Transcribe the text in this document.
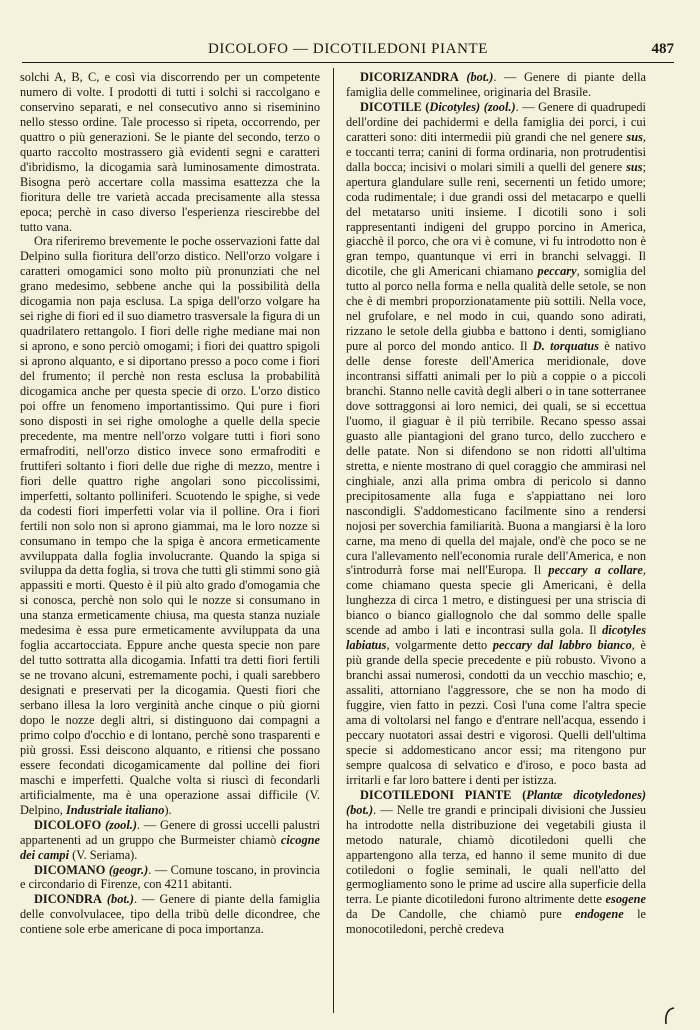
DICOLOFO — DICOTILEDONI PIANTE	487

solchi A, B, C, e così via discorrendo per un competente numero di volte. I prodotti di tutti i solchi si raccolgano e conservino separati, e nel consecutivo anno si riseminino nello stesso ordine. Tale processo si ripeta, occorrendo, per quattro o più generazioni. Se le piante del secondo, terzo o quarto raccolto mostrassero già evidenti segni e caratteri d'ibridismo, la dicogamia sarà luminosamente dimostrata. Bisogna però accertare colla massima esattezza che la fioritura delle tre varietà accada precisamente alla stessa epoca; perchè in caso diverso l'esperienza riescirebbe del tutto vana.

Ora riferiremo brevemente le poche osservazioni fatte dal Delpino sulla fioritura dell'orzo distico. Nell'orzo volgare i caratteri omogamici sono molto più pronunziati che nel grano medesimo, sebbene anche qui la possibilità della dicogamia non paja esclusa. La spiga dell'orzo volgare ha sei righe di fiori ed il suo diametro trasversale la figura di un quadrilatero rettangolo. I fiori delle righe mediane mai non si aprono, e sono perciò omogami; i fiori dei quattro spigoli si aprono alquanto, e si diportano presso a poco come i fiori del frumento; il perchè non resta esclusa la probabilità dicogamica anche per questa specie di orzo. L'orzo distico poi offre un fenomeno importantissimo. Qui pure i fiori sono disposti in sei righe omologhe a quelle della specie precedente, ma mentre nell'orzo volgare tutti i fiori sono ermafroditi, nell'orzo distico invece sono ermafroditi e fruttiferi soltanto i fiori delle due righe di mezzo, mentre i fiori delle quattro righe angolari sono piccolissimi, imperfetti, soltanto polliniferi. Scuotendo le spighe, si vede da codesti fiori imperfetti volar via il polline. Ora i fiori fertili non solo non si aprono giammai, ma le loro nozze si consumano in tempo che la spiga è ancora ermeticamente avviluppata dalla foglia involucrante. Quando la spiga si sviluppa da detta foglia, si trova che tutti gli stimmi sono già appassiti e morti. Questo è il più alto grado d'omogamia che si conosca, perchè non solo qui le nozze si consumano in una stanza ermeticamente chiusa, ma questa stanza nuziale medesima è essa pure ermeticamente avviluppata da una foglia accartocciata. Eppure anche questa specie non pare del tutto sottratta alla dicogamia. Infatti tra detti fiori fertili se ne trovano alcuni, estremamente pochi, i quali sarebbero designati e preservati per la dicogamia. Questi fiori che serbano illesa la loro verginità anche cinque o più giorni dopo le nozze degli altri, si distinguono dai compagni a primo colpo d'occhio e di lontano, perchè sono trasparenti e più grossi. Essi deiscono alquanto, e ritiensi che possano essere fecondati dicogamicamente dal polline dei fiori maschi e imperfetti. Qualche volta si riuscì di fecondarli artificialmente, ma è una operazione assai difficile (V. Delpino, Industriale italiano).

DICOLOFO (zool.). — Genere di grossi uccelli palustri appartenenti ad un gruppo che Burmeister chiamò cicogne dei campi (V. Seriama).

DICOMANO (geogr.). — Comune toscano, in provincia e circondario di Firenze, con 4211 abitanti.

DICONDRA (bot.). — Genere di piante della famiglia delle convolvulacee, tipo della tribù delle dicondree, che contiene sole erbe americane di poca importanza.

DICORIZANDRA (bot.). — Genere di piante della famiglia delle commelinee, originaria del Brasile.

DICOTILE (Dicotyles) (zool.). — Genere di quadrupedi dell'ordine dei pachidermi e della famiglia dei porci, i cui caratteri sono: diti intermedii più grandi che nel genere sus, e toccanti terra; canini di forma ordinaria, non protrudentisi dalla bocca; incisivi o molari simili a quelli del genere sus; apertura glandulare sulle reni, secernenti un fetido umore; coda rudimentale; i due grandi ossi del metacarpo e quelli del metatarso uniti insieme. I dicotili sono i soli rappresentanti indigeni del gruppo porcino in America, giacchè il porco, che ora vi è comune, vi fu introdotto non è gran tempo, quantunque vi erri in branchi selvaggi. Il dicotile, che gli Americani chiamano peccary, somiglia del tutto al porco nella forma e nella qualità delle setole, se non che è di membri proporzionatamente più sottili. Nella voce, nel grufolare, e nel modo in cui, quando sono adirati, rizzano le setole della giubba e battono i denti, somigliano pure al porco del mondo antico. Il D. torquatus è nativo delle dense foreste dell'America meridionale, dove incontransi siffatti animali per lo più a coppie o a piccoli branchi. Stanno nelle cavità degli alberi o in tane sotterranee dove sottraggonsi ai loro nemici, dei quali, se si eccettua l'uomo, il giaguar è il più terribile. Recano spesso assai guasto alle piantagioni del grano turco, dello zucchero e delle patate. Non si difendono se non ridotti all'ultima stretta, e niente mostrano di quel coraggio che ammirasi nel cinghiale, anzi alla prima ombra di pericolo si danno precipitosamente alla fuga e s'appiattano nei loro nascondigli. S'addomesticano facilmente sino a rendersi nojosi per soverchia familiarità. Buona a mangiarsi è la loro carne, ma meno di quella del majale, ond'è che poco se ne cura l'allevamento nell'economia rurale dell'America, e non s'introdurrà forse mai nell'Europa. Il peccary a collare, come chiamano questa specie gli Americani, è della lunghezza di circa 1 metro, e distinguesi per una striscia di bianco o bianco giallognolo che dal sommo delle spalle scende ad ambo i lati e incontrasi sulla gola. Il dicotyles labiatus, volgarmente detto peccary dal labbro bianco, è più grande della specie precedente e più robusto. Vivono a branchi assai numerosi, condotti da un vecchio maschio; e, assaliti, attorniano l'aggressore, che se non ha modo di fuggire, vien fatto in pezzi. Così l'una come l'altra specie ama di voltolarsi nel fango e d'entrare nell'acqua, essendo i peccary nuotatori assai destri e vigorosi. Quelli dell'ultima specie si addomesticano ancor essi; ma ritengono pur sempre qualcosa di selvatico e d'iroso, e poco basta ad irritarli e far loro battere i denti per istizza.

DICOTILEDONI PIANTE (Plantæ dicotyledones) (bot.). — Nelle tre grandi e principali divisioni che Jussieu ha introdotte nella distribuzione dei vegetabili giusta il metodo naturale, chiamò dicotiledoni quelli che appartengono alla terza, ed hanno il seme munito di due cotiledoni o foglie seminali, le quali nell'atto del germogliamento sono le prime ad uscire alla superficie della terra. Le piante dicotiledoni furono altrimente dette esogene da De Candolle, che chiamò pure endogene le monocotiledoni, perchè credeva
